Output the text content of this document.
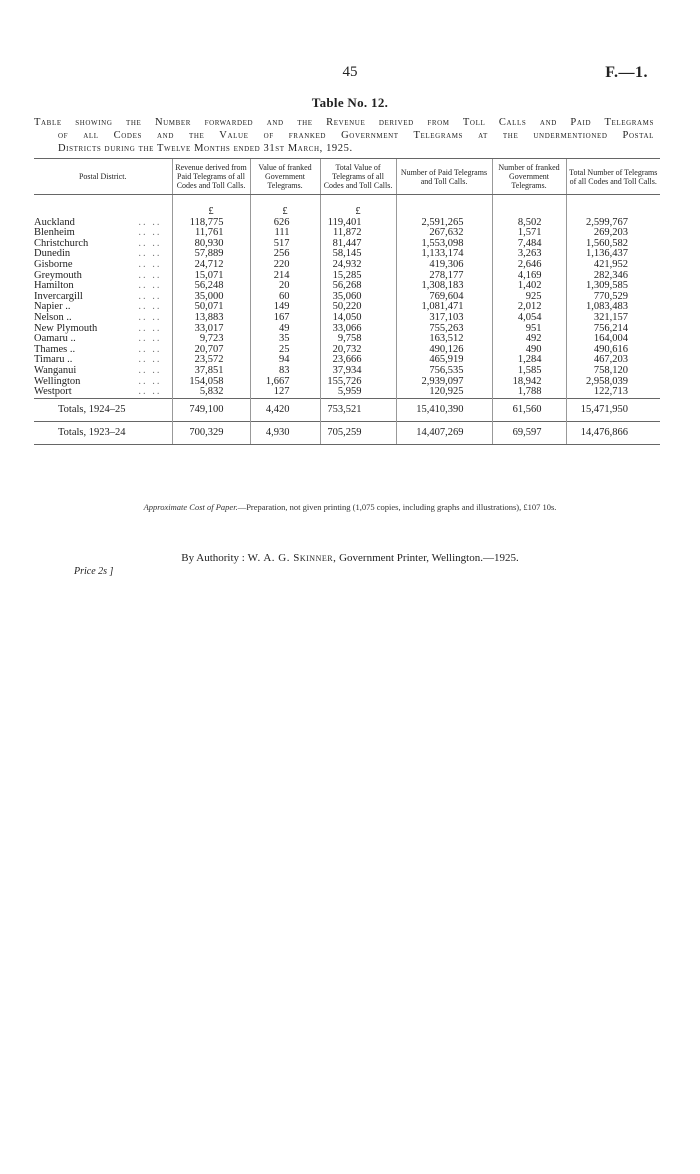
45	F.—1.
Table No. 12.
Table showing the Number forwarded and the Revenue derived from Toll Calls and Paid Telegrams
of all Codes and the Value of franked Government Telegrams at the undermentioned Postal
Districts during the Twelve Months ended 31st March, 1925.
Postal District.	Revenue derived from Paid Telegrams of all Codes and Toll Calls.	Value of franked Government Telegrams.	Total Value of Telegrams of all Codes and Toll Calls.	Number of Paid Telegrams and Toll Calls.	Number of franked Government Telegrams.	Total Number of Telegrams of all Codes and Toll Calls.

	£	£	£			

.. ..
Auckland	118,775	626	119,401	2,591,265	8,502	2,599,767

.. ..
Blenheim	11,761	111	11,872	267,632	1,571	269,203

.. ..
Christchurch	80,930	517	81,447	1,553,098	7,484	1,560,582

.. ..
Dunedin	57,889	256	58,145	1,133,174	3,263	1,136,437

.. ..
Gisborne	24,712	220	24,932	419,306	2,646	421,952

.. ..
Greymouth	15,071	214	15,285	278,177	4,169	282,346

.. ..
Hamilton	56,248	20	56,268	1,308,183	1,402	1,309,585

.. ..
Invercargill	35,000	60	35,060	769,604	925	770,529

.. ..
Napier ..	50,071	149	50,220	1,081,471	2,012	1,083,483

.. ..
Nelson ..	13,883	167	14,050	317,103	4,054	321,157

.. ..
New Plymouth	33,017	49	33,066	755,263	951	756,214

.. ..
Oamaru ..	9,723	35	9,758	163,512	492	164,004

.. ..
Thames ..	20,707	25	20,732	490,126	490	490,616

.. ..
Timaru ..	23,572	94	23,666	465,919	1,284	467,203

.. ..
Wanganui	37,851	83	37,934	756,535	1,585	758,120

.. ..
Wellington	154,058	1,667	155,726	2,939,097	18,942	2,958,039

.. ..
Westport	5,832	127	5,959	120,925	1,788	122,713
Totals, 1924–25	749,100	4,420	753,521	15,410,390	61,560	15,471,950
Totals, 1923–24	700,329	4,930	705,259	14,407,269	69,597	14,476,866
Approximate Cost of Paper.—Preparation, not given printing (1,075 copies, including graphs and illustrations), £107 10s.
By Authority : W. A. G. Skinner, Government Printer, Wellington.—1925.
Price 2s ]
